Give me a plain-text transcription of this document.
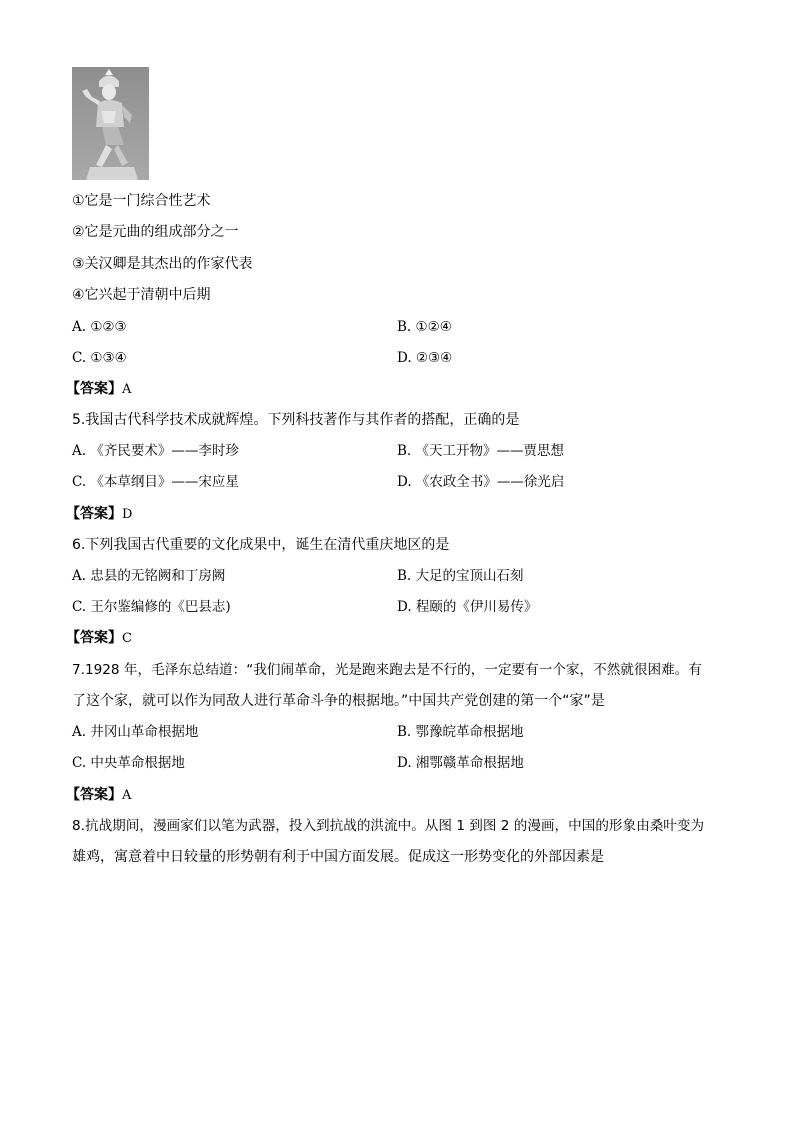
①它是一门综合性艺术
②它是元曲的组成部分之一
③关汉卿是其杰出的作家代表
④它兴起于清朝中后期
A. ①②③	B. ①②④
C. ①③④	D. ②③④
【答案】A
5.我国古代科学技术成就辉煌。下列科技著作与其作者的搭配，正确的是
A. 《齐民要术》——李时珍	B. 《天工开物》——贾思想
C. 《本草纲目》——宋应星	D. 《农政全书》——徐光启
【答案】D
6.下列我国古代重要的文化成果中，诞生在清代重庆地区的是
A. 忠县的无铭阙和丁房阙	B. 大足的宝顶山石刻
C. 王尔鉴编修的《巴县志)	D. 程颐的《伊川易传》
【答案】C
7.1928 年，毛泽东总结道：“我们闹革命，光是跑来跑去是不行的，一定要有一个家，不然就很困难。有
了这个家，就可以作为同敌人进行革命斗争的根据地。”中国共产党创建的第一个“家”是
A. 井冈山革命根据地	B. 鄂豫皖革命根据地
C. 中央革命根据地	D. 湘鄂赣革命根据地
【答案】A
8.抗战期间，漫画家们以笔为武器，投入到抗战的洪流中。从图 1 到图 2 的漫画，中国的形象由桑叶变为
雄鸡，寓意着中日较量的形势朝有利于中国方面发展。促成这一形势变化的外部因素是
